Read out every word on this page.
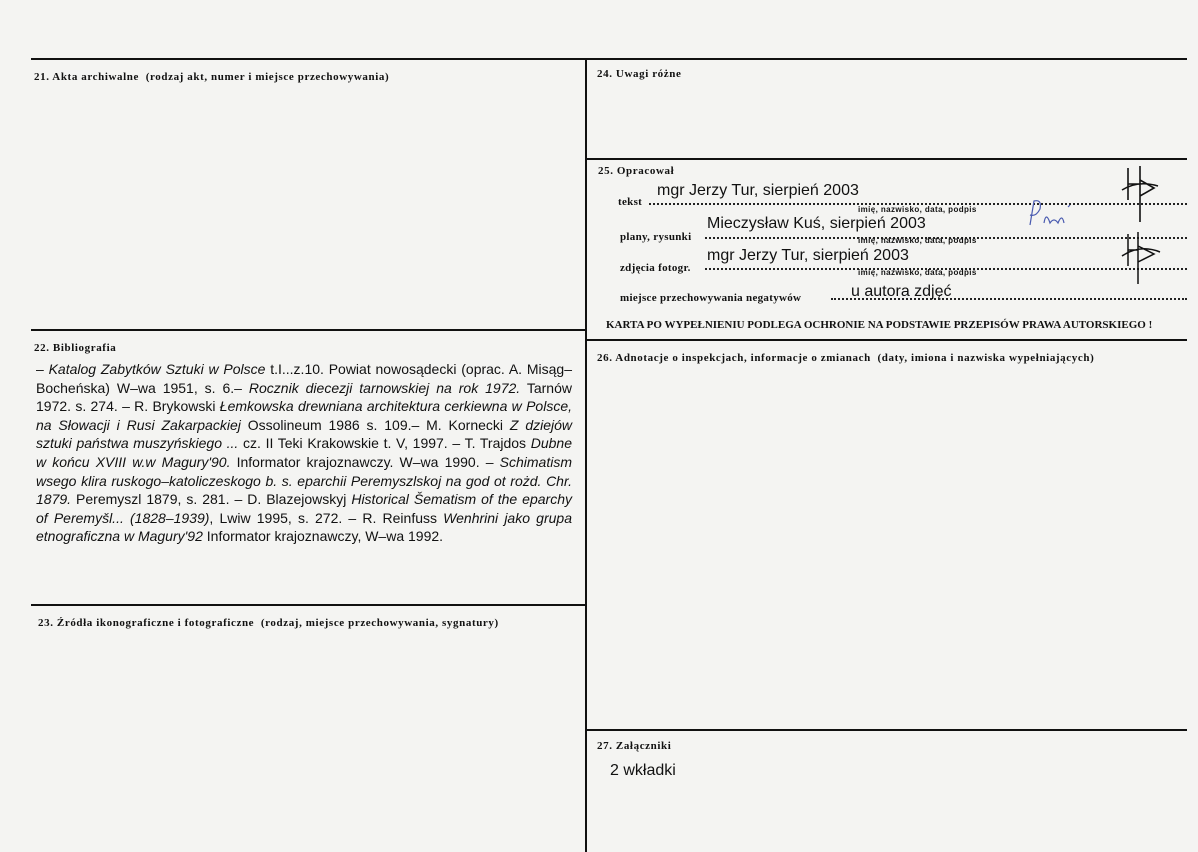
21. Akta archiwalne (rodzaj akt, numer i miejsce przechowywania)
22. Bibliografia
– Katalog Zabytków Sztuki w Polsce t.I...z.10. Powiat nowosądecki (oprac. A. Misąg–Bocheńska) W–wa 1951, s. 6.– Rocznik diecezji tarnowskiej na rok 1972. Tarnów 1972. s. 274. – R. Brykowski Łemkowska drewniana architektura cerkiewna w Polsce, na Słowacji i Rusi Zakarpackiej Ossolineum 1986 s. 109.– M. Kornecki Z dziejów sztuki państwa muszyńskiego ... cz. II Teki Krakowskie t. V, 1997. – T. Trajdos Dubne w końcu XVIII w.w Magury'90. Informator krajoznawczy. W–wa 1990. – Schimatism wsego klira ruskogo–katoliczeskogo b. s. eparchii Peremyszlskoj na god ot rożd. Chr. 1879. Peremyszl 1879, s. 281. – D. Blazejowskyj Historical Šematism of the eparchy of Peremyšl... (1828–1939), Lwiw 1995, s. 272. – R. Reinfuss Wenhrini jako grupa etnograficzna w Magury'92 Informator krajoznawczy, W–wa 1992.
23. Źródła ikonograficzne i fotograficzne (rodzaj, miejsce przechowywania, sygnatury)
24. Uwagi różne
25. Opracował
tekst
mgr Jerzy Tur, sierpień 2003
imię, nazwisko, data, podpis
plany, rysunki
Mieczysław Kuś, sierpień 2003
imię, nazwisko, data, podpis
zdjęcia fotogr.
mgr Jerzy Tur, sierpień 2003
imię, nazwisko, data, podpis
miejsce przechowywania negatywów	u autora zdjęć
KARTA PO WYPEŁNIENIU PODLEGA OCHRONIE NA PODSTAWIE PRZEPISÓW PRAWA AUTORSKIEGO !
26. Adnotacje o inspekcjach, informacje o zmianach (daty, imiona i nazwiska wypełniających)
27. Załączniki
2 wkładki
